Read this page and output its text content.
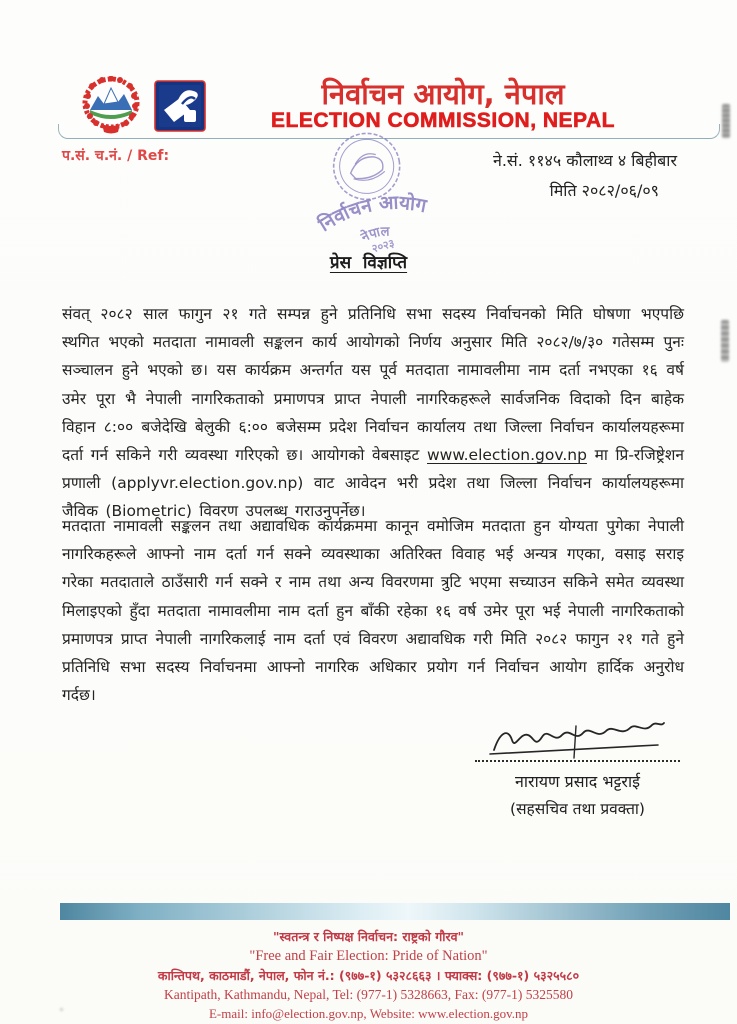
निर्वाचन आयोग, नेपाल
ELECTION COMMISSION, NEPAL
प.सं. च.नं. / Ref:	ने.सं. ११४५ कौलाथ्व ४ बिहीबार
मिति २०८२/०६/०९
निर्वाचन आयोग
नेपाल
२०२३
प्रेस विज्ञप्ति
संवत् २०८२ साल फागुन २१ गते सम्पन्न हुने प्रतिनिधि सभा सदस्य निर्वाचनको मिति घोषणा भएपछि स्थगित भएको मतदाता नामावली सङ्कलन कार्य आयोगको निर्णय अनुसार मिति २०८२/७/३० गतेसम्म पुनः सञ्चालन हुने भएको छ। यस कार्यक्रम अन्तर्गत यस पूर्व मतदाता नामावलीमा नाम दर्ता नभएका १६ वर्ष उमेर पूरा भै नेपाली नागरिकताको प्रमाणपत्र प्राप्त नेपाली नागरिकहरूले सार्वजनिक विदाको दिन बाहेक विहान ८:०० बजेदेखि बेलुकी ६:०० बजेसम्म प्रदेश निर्वाचन कार्यालय तथा जिल्ला निर्वाचन कार्यालयहरूमा दर्ता गर्न सकिने गरी व्यवस्था गरिएको छ। आयोगको वेबसाइट www.election.gov.np मा प्रि-रजिष्ट्रेशन प्रणाली (applyvr.election.gov.np) वाट आवेदन भरी प्रदेश तथा जिल्ला निर्वाचन कार्यालयहरूमा जैविक (Biometric) विवरण उपलब्ध गराउनुपर्नेछ।
मतदाता नामावली सङ्कलन तथा अद्यावधिक कार्यक्रममा कानून वमोजिम मतदाता हुन योग्यता पुगेका नेपाली नागरिकहरूले आफ्नो नाम दर्ता गर्न सक्ने व्यवस्थाका अतिरिक्त विवाह भई अन्यत्र गएका, वसाइ सराइ गरेका मतदाताले ठाउँसारी गर्न सक्ने र नाम तथा अन्य विवरणमा त्रुटि भएमा सच्याउन सकिने समेत व्यवस्था मिलाइएको हुँदा मतदाता नामावलीमा नाम दर्ता हुन बाँकी रहेका १६ वर्ष उमेर पूरा भई नेपाली नागरिकताको प्रमाणपत्र प्राप्त नेपाली नागरिकलाई नाम दर्ता एवं विवरण अद्यावधिक गरी मिति २०८२ फागुन २१ गते हुने प्रतिनिधि सभा सदस्य निर्वाचनमा आफ्नो नागरिक अधिकार प्रयोग गर्न निर्वाचन आयोग हार्दिक अनुरोध गर्दछ।
नारायण प्रसाद भट्टराई
(सहसचिव तथा प्रवक्ता)
"स्वतन्त्र र निष्पक्ष निर्वाचन: राष्ट्रको गौरव"
"Free and Fair Election: Pride of Nation"
कान्तिपथ, काठमाडौं, नेपाल, फोन नं.: (९७७-१) ५३२८६६३ । फ्याक्स: (९७७-१) ५३२५५८०
Kantipath, Kathmandu, Nepal, Tel: (977-1) 5328663, Fax: (977-1) 5325580
E-mail: info@election.gov.np, Website: www.election.gov.np
